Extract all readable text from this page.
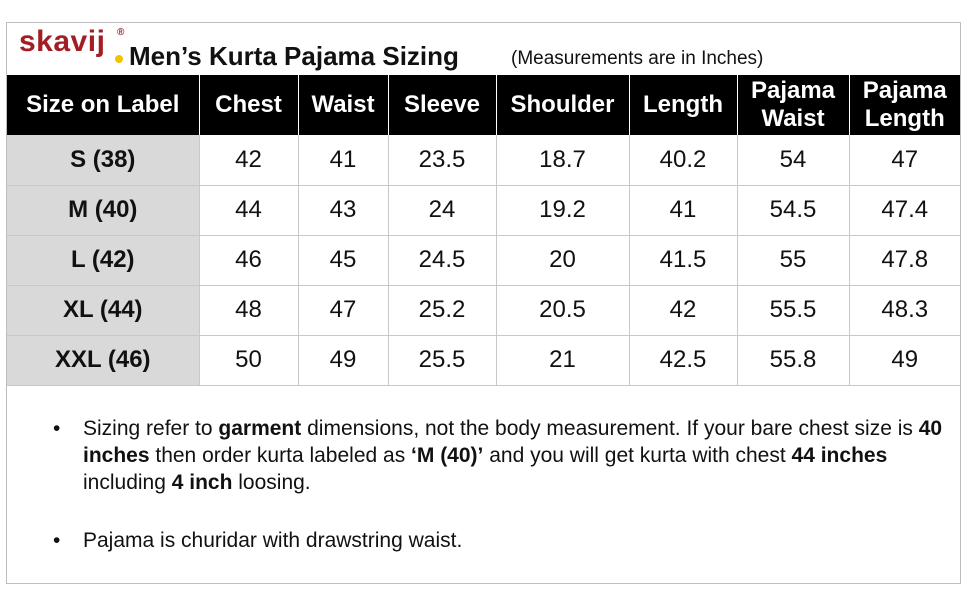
skavij ®
Men’s Kurta Pajama Sizing	(Measurements are in Inches)
Size on Label	Chest	Waist	Sleeve	Shoulder	Length	Pajama Waist	Pajama Length
S (38)	42	41	23.5	18.7	40.2	54	47
M (40)	44	43	24	19.2	41	54.5	47.4
L (42)	46	45	24.5	20	41.5	55	47.8
XL (44)	48	47	25.2	20.5	42	55.5	48.3
XXL (46)	50	49	25.5	21	42.5	55.8	49
• Sizing refer to garment dimensions, not the body measurement. If your bare chest size is 40 inches then order kurta labeled as ‘M (40)’ and you will get kurta with chest 44 inches including 4 inch loosing.
• Pajama is churidar with drawstring waist.
